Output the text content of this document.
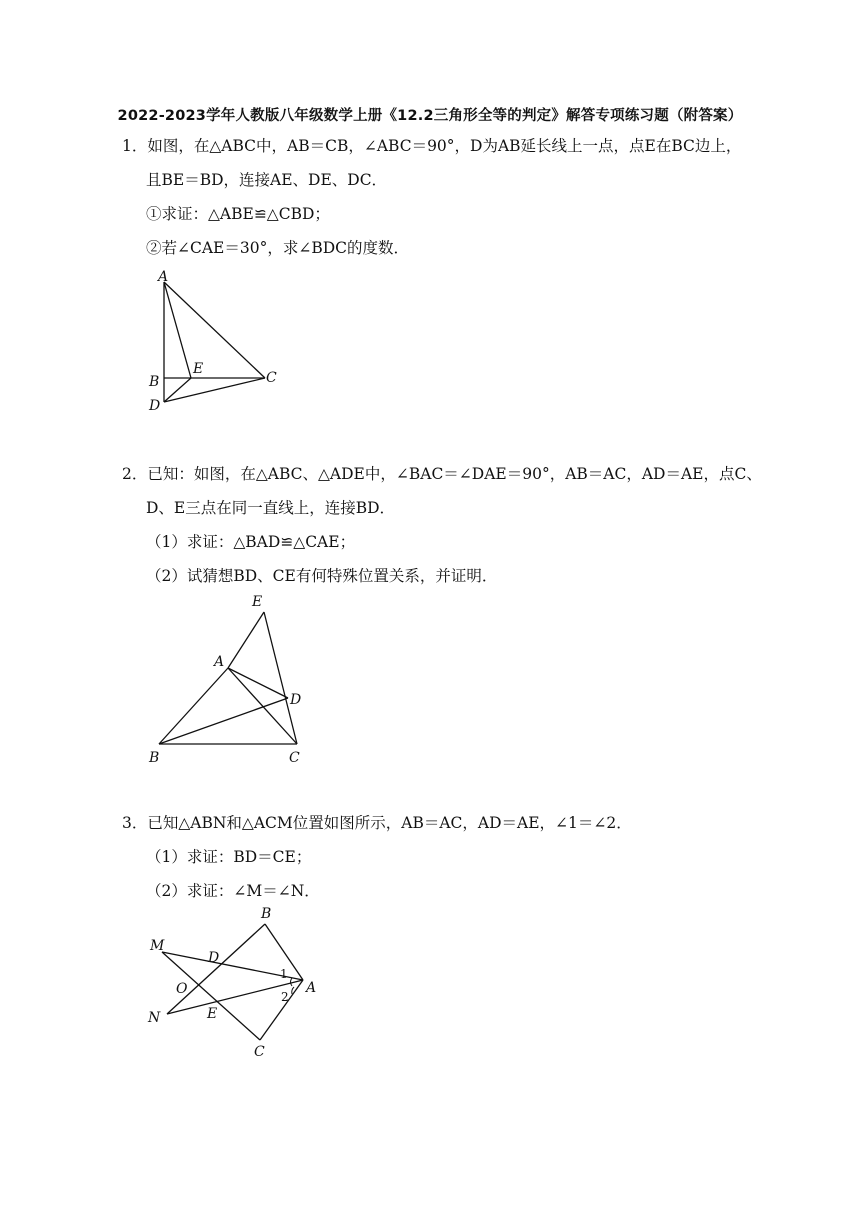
2022-2023学年人教版八年级数学上册《12.2三角形全等的判定》解答专项练习题（附答案）
1．如图，在△ABC中，AB＝CB，∠ABC＝90°，D为AB延长线上一点，点E在BC边上，
且BE＝BD，连接AE、DE、DC．
①求证：△ABE≌△CBD；
②若∠CAE＝30°，求∠BDC的度数．
A
B
D
E
C
2．已知：如图，在△ABC、△ADE中，∠BAC＝∠DAE＝90°，AB＝AC，AD＝AE，点C、
D、E三点在同一直线上，连接BD．
（1）求证：△BAD≌△CAE；
（2）试猜想BD、CE有何特殊位置关系，并证明．
E
A
D
B	C
3．已知△ABN和△ACM位置如图所示，AB＝AC，AD＝AE，∠1＝∠2．
（1）求证：BD＝CE；
（2）求证：∠M＝∠N．
B
M
D
1
A
O	2
N	E
C
